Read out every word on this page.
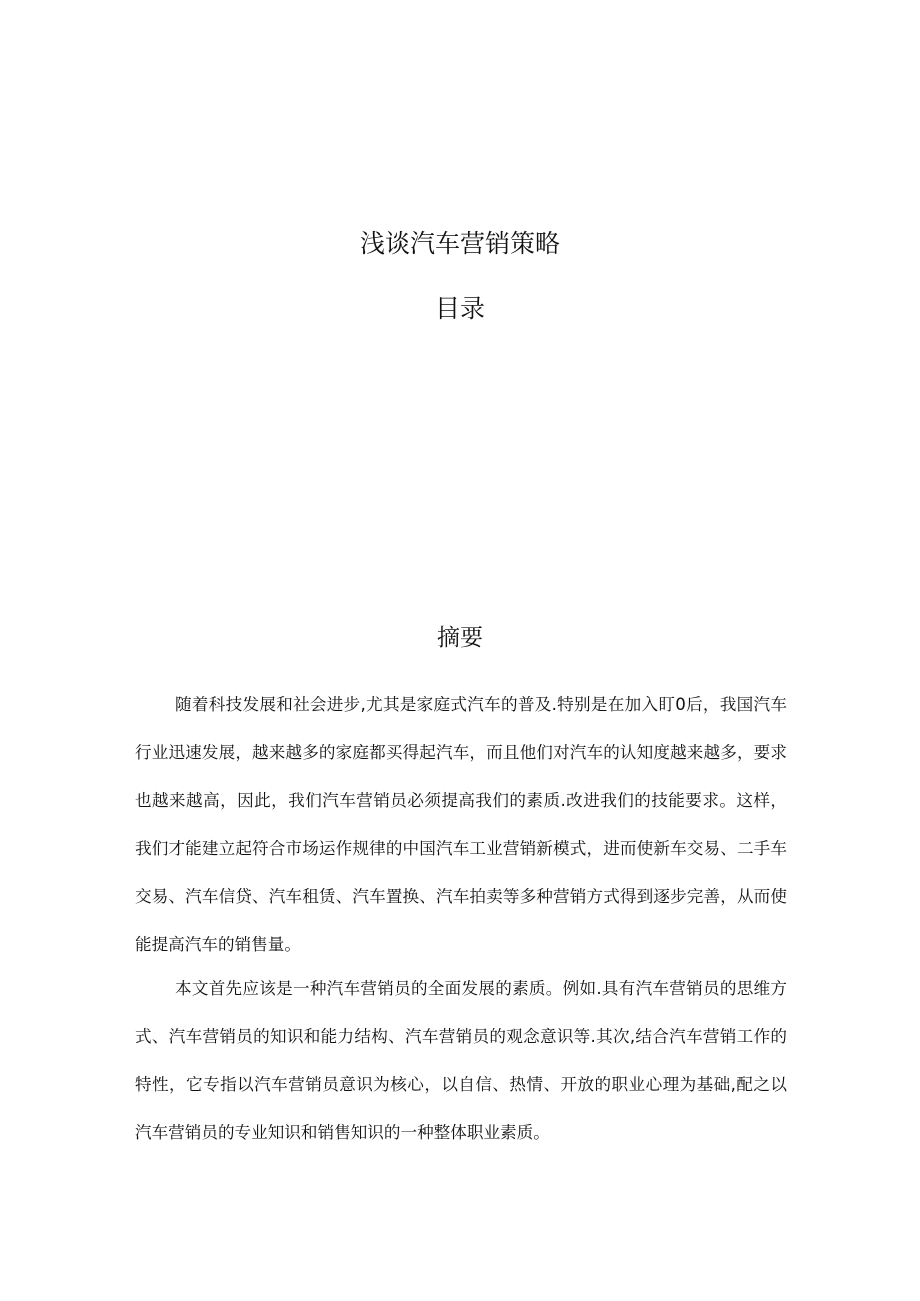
浅谈汽车营销策略
目录
摘要

随着科技发展和社会进步,尤其是家庭式汽车的普及.特别是在加入盯0后，我国汽车行业迅速发展，越来越多的家庭都买得起汽车，而且他们对汽车的认知度越来越多，要求也越来越高，因此，我们汽车营销员必须提高我们的素质.改进我们的技能要求。这样，我们才能建立起符合市场运作规律的中国汽车工业营销新模式，进而使新车交易、二手车交易、汽车信贷、汽车租赁、汽车置换、汽车拍卖等多种营销方式得到逐步完善，从而使能提高汽车的销售量。

本文首先应该是一种汽车营销员的全面发展的素质。例如.具有汽车营销员的思维方式、汽车营销员的知识和能力结构、汽车营销员的观念意识等.其次,结合汽车营销工作的特性，它专指以汽车营销员意识为核心，以自信、热情、开放的职业心理为基础,配之以汽车营销员的专业知识和销售知识的一种整体职业素质。
